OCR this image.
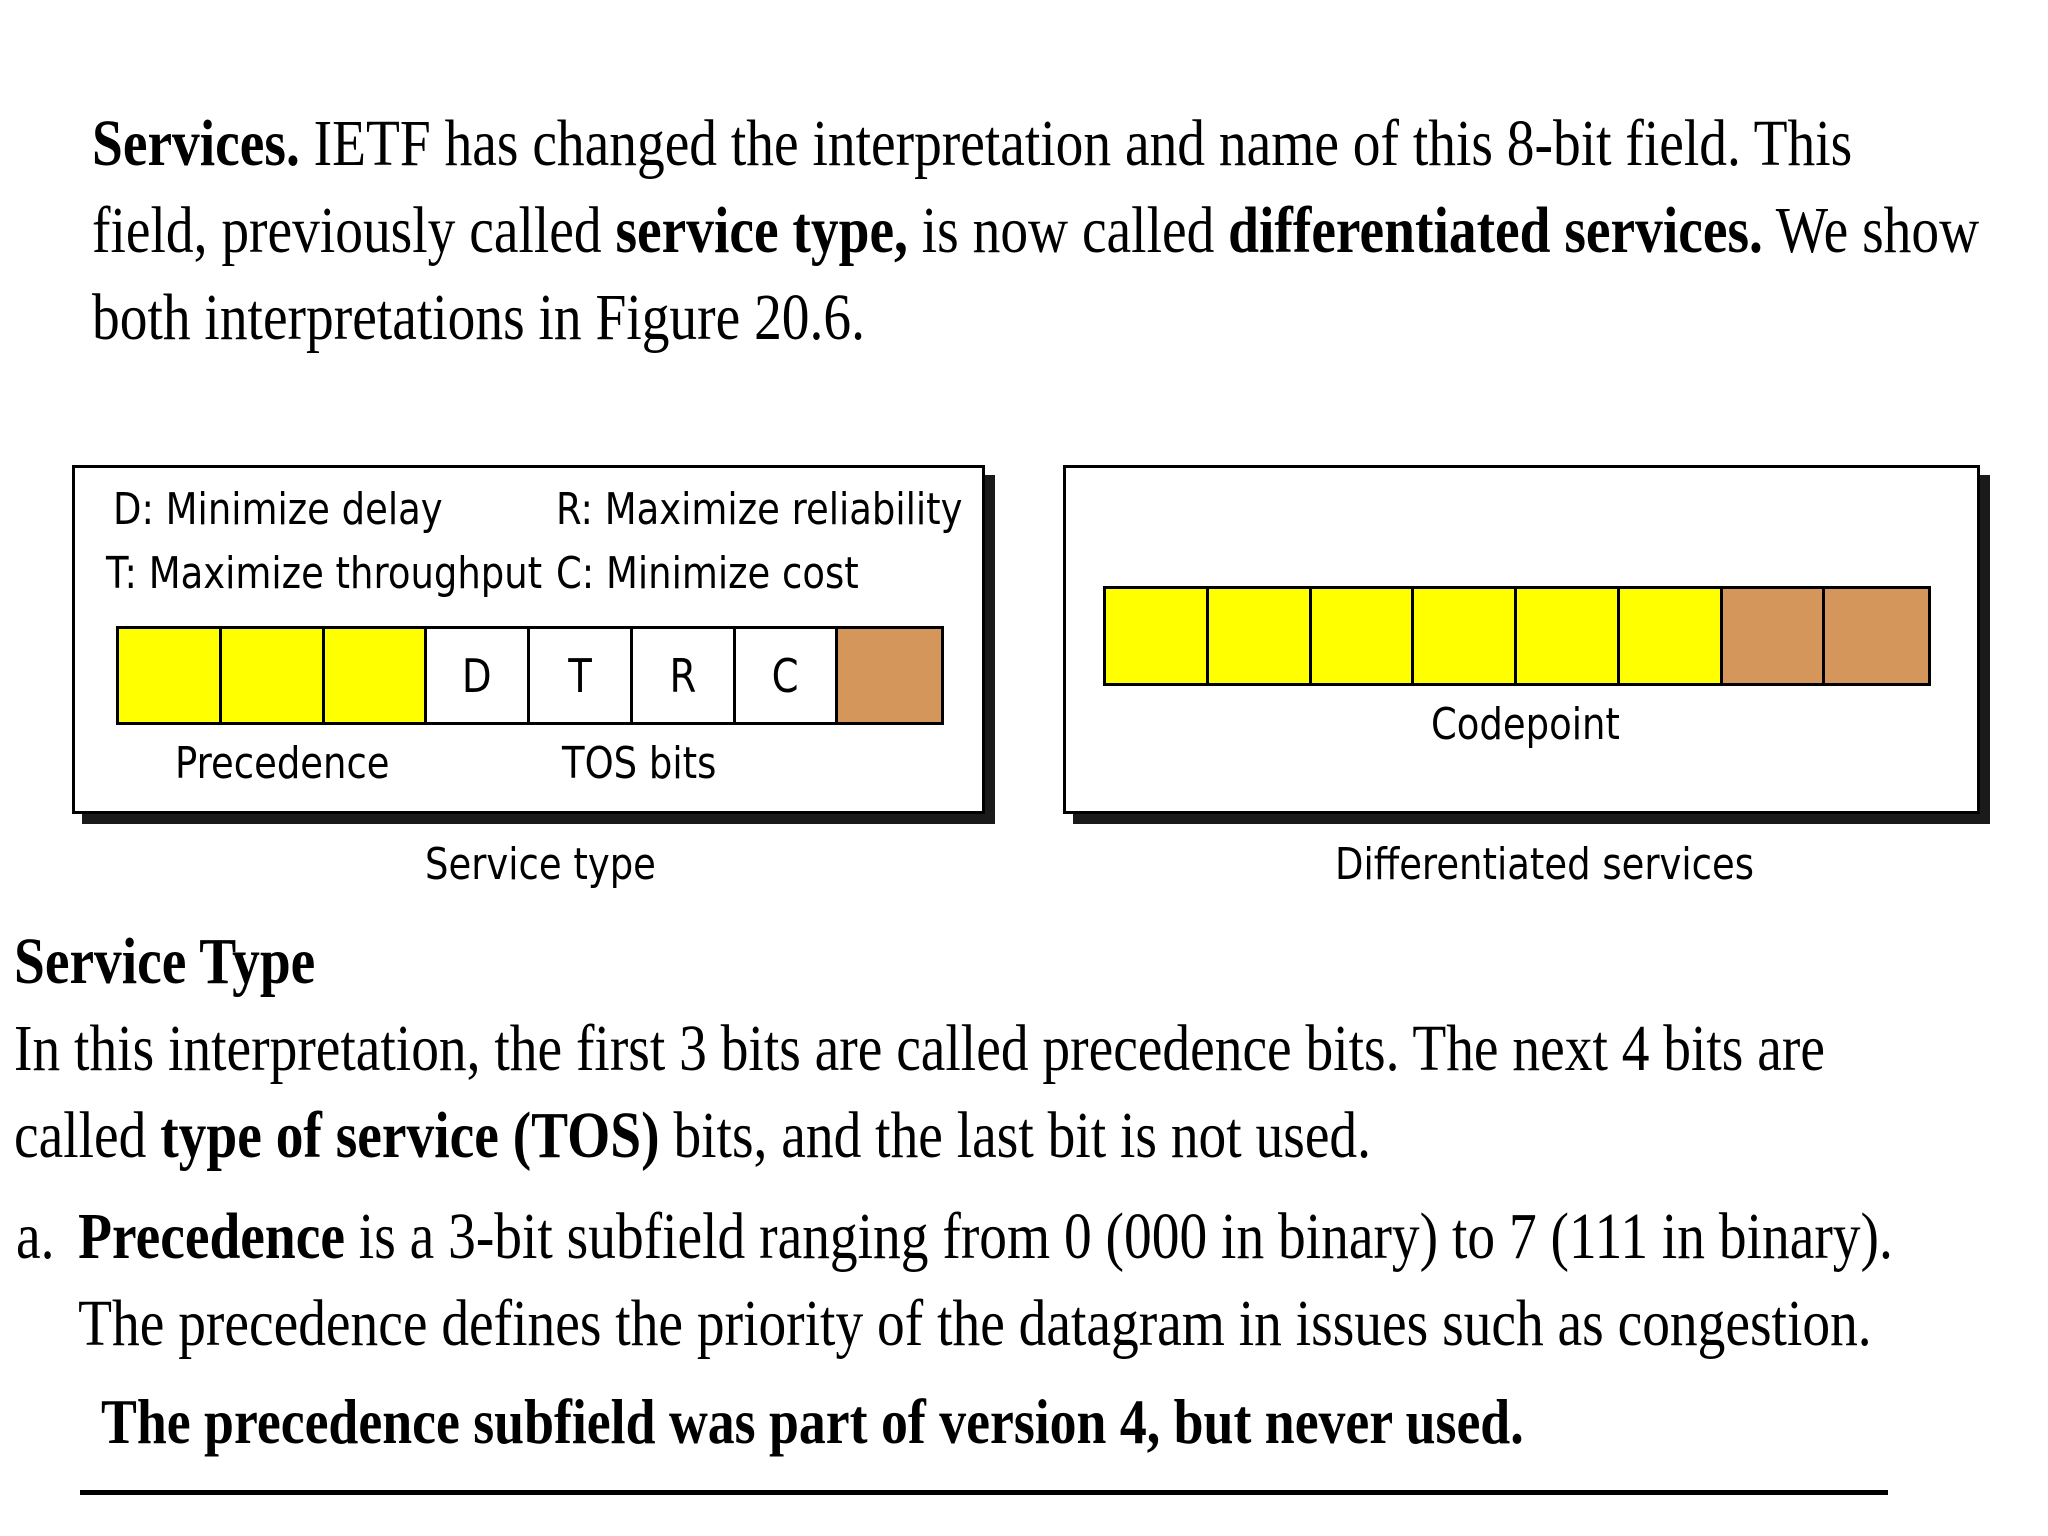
Services. IETF has changed the interpretation and name of this 8-bit field. This
field, previously called service type, is now called differentiated services. We show
both interpretations in Figure 20.6.

D: Minimize delay
T: Maximize throughput
R: Maximize reliability
C: Minimize cost
D T R C
Precedence	TOS bits
Service type
Codepoint
Differentiated services

Service Type
In this interpretation, the first 3 bits are called precedence bits. The next 4 bits are
called type of service (TOS) bits, and the last bit is not used.

a. Precedence is a 3-bit subfield ranging from 0 (000 in binary) to 7 (111 in binary).
The precedence defines the priority of the datagram in issues such as congestion.

The precedence subfield was part of version 4, but never used.
